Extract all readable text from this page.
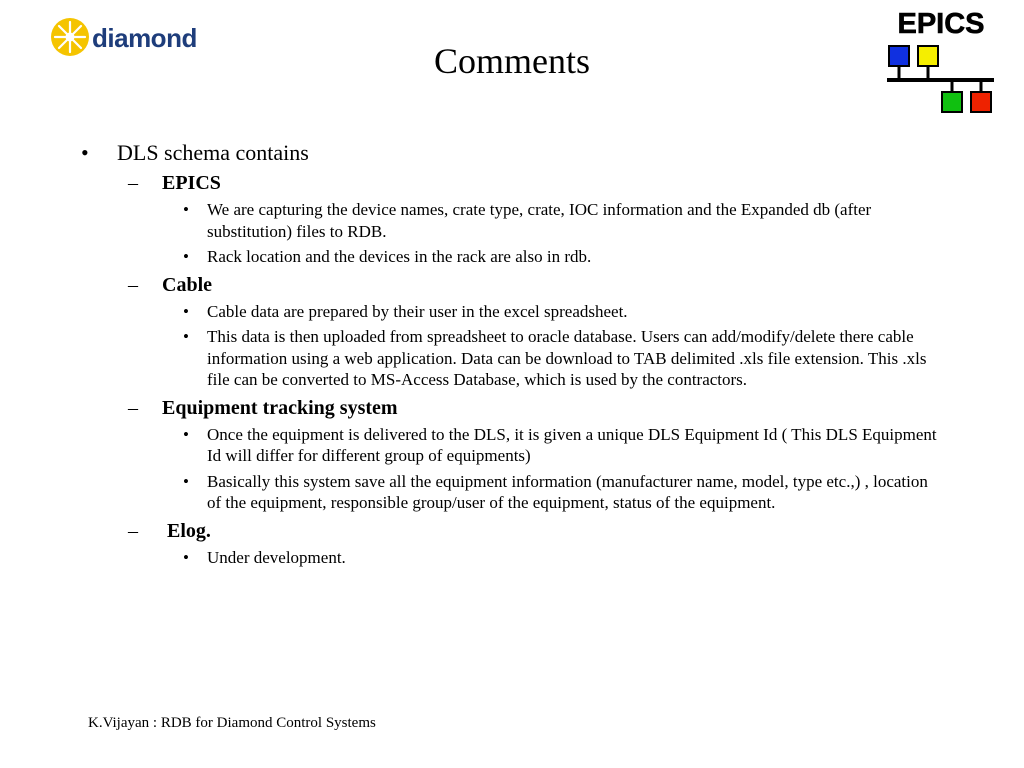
diamond	EPICS
Comments
• DLS schema contains
– EPICS
• We are capturing the device names, crate type, crate, IOC information and the Expanded db (after substitution) files to RDB.
• Rack location and the devices in the rack are also in rdb.
– Cable
• Cable data are prepared by their user in the excel spreadsheet.
• This data is then uploaded from spreadsheet to oracle database. Users can add/modify/delete there cable information using a web application. Data can be download to TAB delimited .xls file extension. This .xls file can be converted to MS-Access Database, which is used by the contractors.
– Equipment tracking system
• Once the equipment is delivered to the DLS, it is given a unique DLS Equipment Id ( This DLS Equipment Id will differ for different group of equipments)
• Basically this system save all the equipment information (manufacturer name, model, type etc.,) , location of the equipment, responsible group/user of the equipment, status of the equipment.
– Elog.
• Under development.
K.Vijayan : RDB for Diamond Control Systems
